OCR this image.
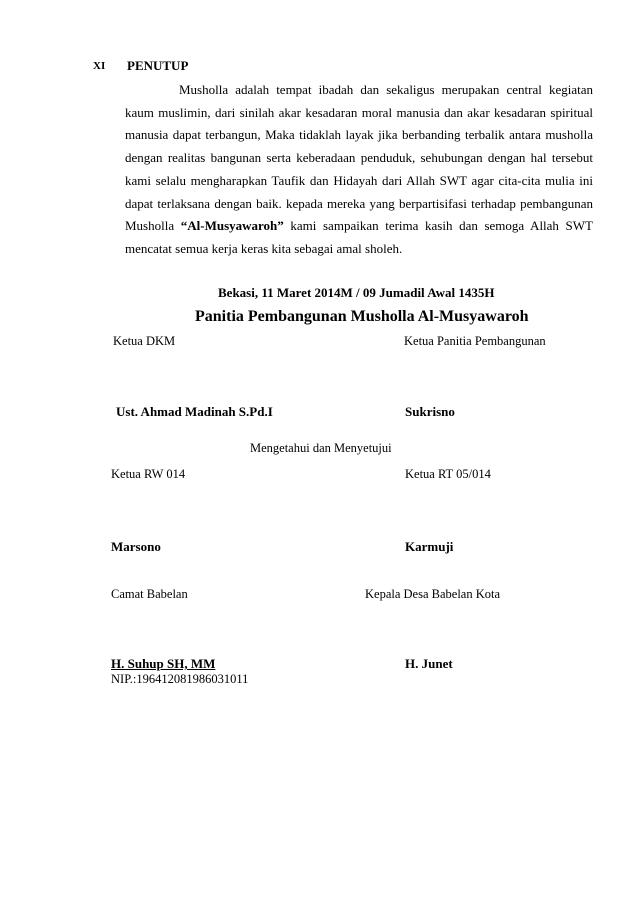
XI PENUTUP
Musholla adalah tempat ibadah dan sekaligus merupakan central kegiatan kaum muslimin, dari sinilah akar kesadaran moral manusia dan akar kesadaran spiritual manusia dapat terbangun, Maka tidaklah layak jika berbanding terbalik antara musholla dengan realitas bangunan serta keberadaan penduduk, sehubungan dengan hal tersebut kami selalu mengharapkan Taufik dan Hidayah dari Allah SWT agar cita-cita mulia ini dapat terlaksana dengan baik. kepada mereka yang berpartisifasi terhadap pembangunan Musholla “Al-Musyawaroh” kami sampaikan terima kasih dan semoga Allah SWT mencatat semua kerja keras kita sebagai amal sholeh.
Bekasi, 11 Maret 2014M / 09 Jumadil Awal 1435H
Panitia Pembangunan Musholla Al-Musyawaroh
Ketua DKM	Ketua Panitia Pembangunan
Ust. Ahmad Madinah S.Pd.I	Sukrisno
Mengetahui dan Menyetujui
Ketua RW 014	Ketua RT 05/014
Marsono	Karmuji
Camat Babelan	Kepala Desa Babelan Kota
H. Suhup SH, MM	H. Junet
NIP.:196412081986031011
